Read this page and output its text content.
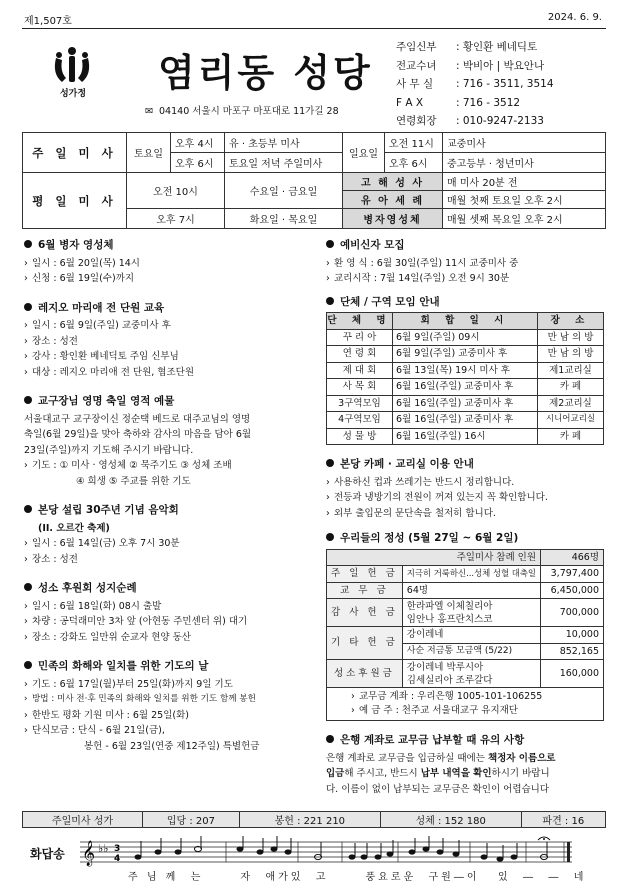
제1,507호	2024. 6. 9.
성가정 염리동 성당
✉ 04140 서울시 마포구 마포대로 11가길 28
주임신부 : 황인환 베네딕토
전교수녀 : 박비아 | 박요안나
사 무 실 : 716 - 3511, 3514
F A X	: 716 - 3512
연령회장 : 010-9247-2133
주 일 미 사	토요일	오후 4시	유 · 초등부 미사	일요일	오전 11시	교중미사
		오후 6시	토요일 저녁 주일미사		오후 6시	중고등부 · 청년미사
평 일 미 사	오전 10시		수요일 · 금요일	고 해 성 사		매 미사 20분 전
				유 아 세 례		매월 첫째 토요일 오후 2시
	오후 7시		화요일 · 목요일	병자영성체		매월 셋째 목요일 오후 2시
6월 병자 영성체
› 일시 : 6월 20일(목) 14시
› 신청 : 6월 19일(수)까지
레지오 마리애 전 단원 교육
› 일시 : 6월 9일(주일) 교중미사 후
› 장소 : 성전
› 강사 : 황인환 베네딕토 주임 신부님
› 대상 : 레지오 마리애 전 단원, 협조단원
교구장님 영명 축일 영적 예물
서울대교구 교구장이신 정순택 베드로 대주교님의 영명
축일(6월 29일)을 맞아 축하와 감사의 마음을 담아 6월
23일(주일)까지 기도해 주시기 바랍니다.
› 기도 : ① 미사 · 영성체 ② 묵주기도 ③ 성체 조배
④ 희생 ⑤ 주교를 위한 기도
본당 설립 30주년 기념 음악회
(II. 오르간 축제)
› 일시 : 6월 14일(금) 오후 7시 30분
› 장소 : 성전
성소 후원회 성지순례
› 일시 : 6월 18일(화) 08시 출발
› 차량 : 공덕래미안 3차 앞 (아현동 주민센터 위) 대기
› 장소 : 강화도 일만위 순교자 현양 동산
민족의 화해와 일치를 위한 기도의 날
› 기도 : 6월 17일(월)부터 25일(화)까지 9일 기도
› 방법 : 미사 전·후 민족의 화해와 일치를 위한 기도 함께 봉헌
› 한반도 평화 기원 미사 : 6월 25일(화)
› 단식모금 : 단식 - 6월 21일(금),
봉헌 - 6월 23일(연중 제12주일) 특별헌금
예비신자 모집
› 환 영 식 : 6월 30일(주일) 11시 교중미사 중
› 교리시작 : 7월 14일(주일) 오전 9시 30분
단체 / 구역 모임 안내
단 체 명	회 합 일 시	장 소
꾸 리 아	6월 9일(주일) 09시	만 남 의 방
연 령 회	6월 9일(주일) 교중미사 후	만 남 의 방
제 대 회	6월 13일(목) 19시 미사 후	제1교리실
사 목 회	6월 16일(주일) 교중미사 후	카 페
3구역모임	6월 16일(주일) 교중미사 후	제2교리실
4구역모임	6월 16일(주일) 교중미사 후	시니어교리실
성 물 방	6월 16일(주일) 16시	카 페
본당 카페 · 교리실 이용 안내
› 사용하신 컵과 쓰레기는 반드시 정리합니다.
› 전등과 냉방기의 전원이 꺼져 있는지 꼭 확인합니다.
› 외부 출입문의 문단속을 철저히 합니다.
우리들의 정성 (5월 27일 ~ 6월 2일)
주일미사 참례 인원		466명
주 일 헌 금	지극히 거룩하신...성체 성혈 대축일	3,797,400
교 무 금	64명	6,450,000
감 사 헌 금	한라파엘 이체칠리아
임안나 홍프란치스코	700,000
기 타 헌 금	강이레네	10,000
	사순 저금통 모금액 (5/22)	852,165
성소후원금	강이레네 박루시아
김세실리아 조루갈다	160,000

› 교무금 계좌 : 우리은행 1005-101-106255
› 예 금 주 : 천주교 서울대교구 유지재단
은행 계좌로 교무금 납부할 때 유의 사항
은행 계좌로 교무금을 입금하실 때에는 책정자 이름으로
입금해 주시고, 반드시 납부 내역을 확인하시기 바랍니
다. 이름이 없이 납부되는 교무금은 확인이 어렵습니다
주일미사 성가	입당 : 207	봉헌 : 221 210	성체 : 152 180	파견 : 16
화답송 𝄞 ♭♭ 3
4
주 님 께  는      자  애가있  고      풍요로운  구원―이   있  ―  ―  네
